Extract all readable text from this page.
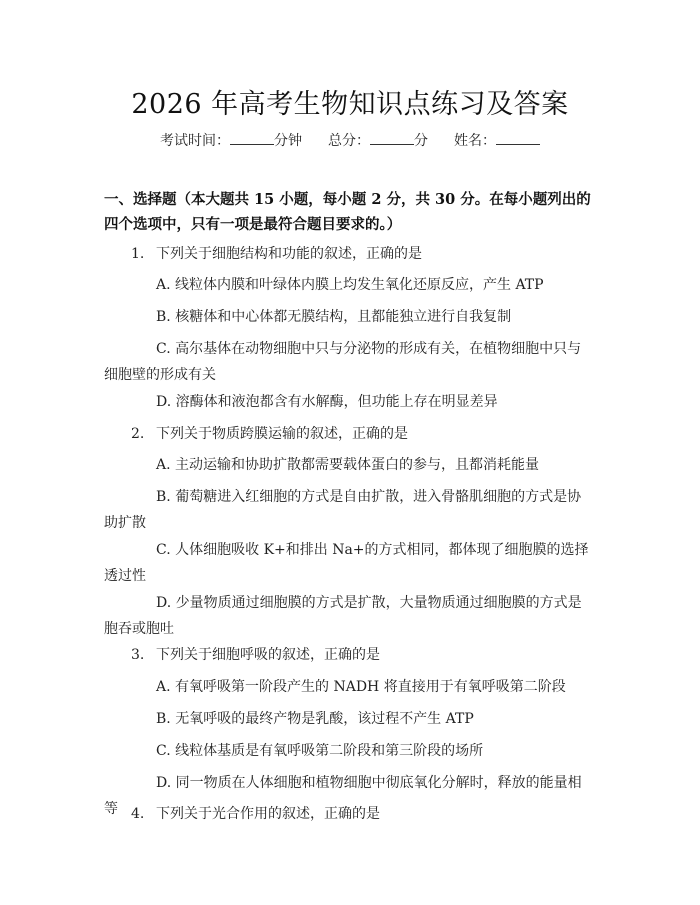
2026 年高考生物知识点练习及答案
考试时间：	分钟 总分：	分 姓名：
一、选择题（本大题共 15 小题，每小题 2 分，共 30 分。在每小题列出的四个选项中，只有一项是最符合题目要求的。）
1. 下列关于细胞结构和功能的叙述，正确的是
A. 线粒体内膜和叶绿体内膜上均发生氧化还原反应，产生 ATP
B. 核糖体和中心体都无膜结构，且都能独立进行自我复制
C. 高尔基体在动物细胞中只与分泌物的形成有关，在植物细胞中只与细胞壁的形成有关
D. 溶酶体和液泡都含有水解酶，但功能上存在明显差异
2. 下列关于物质跨膜运输的叙述，正确的是
A. 主动运输和协助扩散都需要载体蛋白的参与，且都消耗能量
B. 葡萄糖进入红细胞的方式是自由扩散，进入骨骼肌细胞的方式是协助扩散
C. 人体细胞吸收 K+和排出 Na+的方式相同，都体现了细胞膜的选择透过性
D. 少量物质通过细胞膜的方式是扩散，大量物质通过细胞膜的方式是胞吞或胞吐
3. 下列关于细胞呼吸的叙述，正确的是
A. 有氧呼吸第一阶段产生的 NADH 将直接用于有氧呼吸第二阶段
B. 无氧呼吸的最终产物是乳酸，该过程不产生 ATP
C. 线粒体基质是有氧呼吸第二阶段和第三阶段的场所
D. 同一物质在人体细胞和植物细胞中彻底氧化分解时，释放的能量相等 4. 下列关于光合作用的叙述，正确的是
